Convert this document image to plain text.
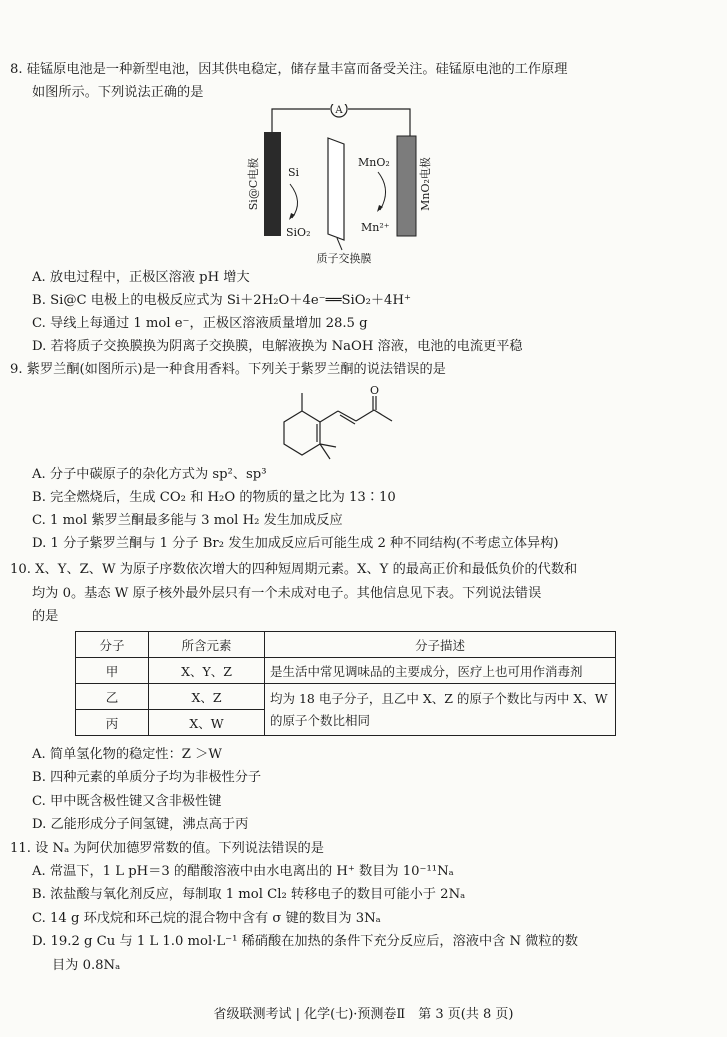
8. 硅锰原电池是一种新型电池，因其供电稳定，储存量丰富而备受关注。硅锰原电池的工作原理
如图所示。下列说法正确的是
A
Si@C电极	MnO₂电极
Si
SiO₂
MnO₂
Mn²⁺
质子交换膜
A. 放电过程中，正极区溶液 pH 增大
B. Si@C 电极上的电极反应式为 Si＋2H₂O＋4e⁻══SiO₂＋4H⁺
C. 导线上每通过 1 mol e⁻，正极区溶液质量增加 28.5 g
D. 若将质子交换膜换为阴离子交换膜，电解液换为 NaOH 溶液，电池的电流更平稳
9. 紫罗兰酮(如图所示)是一种食用香料。下列关于紫罗兰酮的说法错误的是
O
A. 分子中碳原子的杂化方式为 sp²、sp³
B. 完全燃烧后，生成 CO₂ 和 H₂O 的物质的量之比为 13∶10
C. 1 mol 紫罗兰酮最多能与 3 mol H₂ 发生加成反应
D. 1 分子紫罗兰酮与 1 分子 Br₂ 发生加成反应后可能生成 2 种不同结构(不考虑立体异构)
10. X、Y、Z、W 为原子序数依次增大的四种短周期元素。X、Y 的最高正价和最低负价的代数和
均为 0。基态 W 原子核外最外层只有一个未成对电子。其他信息见下表。下列说法错误
的是
分子	所含元素	分子描述
甲	X、Y、Z	是生活中常见调味品的主要成分，医疗上也可用作消毒剂
乙	X、Z	均为 18 电子分子，且乙中 X、Z 的原子个数比与丙中 X、W
的原子个数比相同
丙	X、W	
A. 简单氢化物的稳定性：Z ＞W
B. 四种元素的单质分子均为非极性分子
C. 甲中既含极性键又含非极性键
D. 乙能形成分子间氢键，沸点高于丙
11. 设 Nₐ 为阿伏加德罗常数的值。下列说法错误的是
A. 常温下，1 L pH＝3 的醋酸溶液中由水电离出的 H⁺ 数目为 10⁻¹¹Nₐ
B. 浓盐酸与氧化剂反应，每制取 1 mol Cl₂ 转移电子的数目可能小于 2Nₐ
C. 14 g 环戊烷和环己烷的混合物中含有 σ 键的数目为 3Nₐ
D. 19.2 g Cu 与 1 L 1.0 mol·L⁻¹ 稀硝酸在加热的条件下充分反应后，溶液中含 N 微粒的数
目为 0.8Nₐ
省级联测考试 | 化学(七)·预测卷Ⅱ　第 3 页(共 8 页)
